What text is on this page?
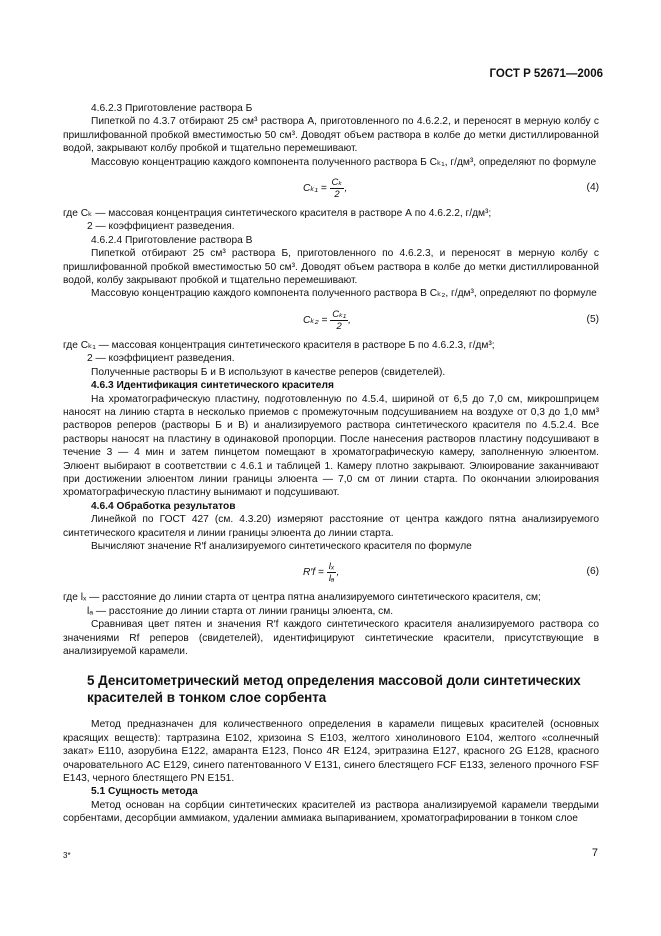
ГОСТ Р 52671—2006

4.6.2.3 Приготовление раствора Б

Пипеткой по 4.3.7 отбирают 25 см³ раствора А, приготовленного по 4.6.2.2, и переносят в мерную колбу с пришлифованной пробкой вместимостью 50 см³. Доводят объем раствора в колбе до метки дистиллированной водой, закрывают колбу пробкой и тщательно перемешивают.

Массовую концентрацию каждого компонента полученного раствора Б Cₖ₁, г/дм³, определяют по формуле

$C_{k1} = \frac{\text{Cₖ}}{2}$ ,	(4)

где Cₖ — массовая концентрация синтетического красителя в растворе А по 4.6.2.2, г/дм³;

2 — коэффициент разведения.

4.6.2.4 Приготовление раствора В

Пипеткой отбирают 25 см³ раствора Б, приготовленного по 4.6.2.3, и переносят в мерную колбу с пришлифованной пробкой вместимостью 50 см³. Доводят объем раствора в колбе до метки дистиллированной водой, колбу закрывают пробкой и тщательно перемешивают.

Массовую концентрацию каждого компонента полученного раствора В Cₖ₂, г/дм³, определяют по формуле

$C_{k2} = \frac{\text{Cₖ₁}}{2}$ ,	(5)

где Cₖ₁ — массовая концентрация синтетического красителя в растворе Б по 4.6.2.3, г/дм³;

2 — коэффициент разведения.

Полученные растворы Б и В используют в качестве реперов (свидетелей).

4.6.3 Идентификация синтетического красителя

На хроматографическую пластину, подготовленную по 4.5.4, шириной от 6,5 до 7,0 см, микрошприцем наносят на линию старта в несколько приемов с промежуточным подсушиванием на воздухе от 0,3 до 1,0 мм³ растворов реперов (растворы Б и В) и анализируемого раствора синтетического красителя по 4.5.2.4. Все растворы наносят на пластину в одинаковой пропорции. После нанесения растворов пластину подсушивают в течение 3 — 4 мин и затем пинцетом помещают в хроматографическую камеру, заполненную элюентом. Элюент выбирают в соответствии с 4.6.1 и таблицей 1. Камеру плотно закрывают. Элюирование заканчивают при достижении элюентом линии границы элюента — 7,0 см от линии старта. По окончании элюирования хроматографическую пластину вынимают и подсушивают.

4.6.4 Обработка результатов

Линейкой по ГОСТ 427 (см. 4.3.20) измеряют расстояние от центра каждого пятна анализируемого синтетического красителя и линии границы элюента до линии старта.

Вычисляют значение R′f анализируемого синтетического красителя по формуле

$R'f = \frac{\text{lₓ}}{\text{lₐ}}$ ,	(6)

где lₓ — расстояние до линии старта от центра пятна анализируемого синтетического красителя, см;

lₐ — расстояние до линии старта от линии границы элюента, см.

Сравнивая цвет пятен и значения R′f каждого синтетического красителя анализируемого раствора со значениями Rf реперов (свидетелей), идентифицируют синтетические красители, присутствующие в анализируемой карамели.

5 Денситометрический метод определения массовой доли синтетических красителей в тонком слое сорбента

Метод предназначен для количественного определения в карамели пищевых красителей (основных красящих веществ): тартразина E102, хризоина S E103, желтого хинолинового E104, желтого «солнечный закат» E110, азорубина E122, амаранта E123, Понсо 4R E124, эритразина E127, красного 2G E128, красного очаровательного AC E129, синего патентованного V E131, синего блестящего FCF E133, зеленого прочного FSF E143, черного блестящего PN E151.

5.1 Сущность метода

Метод основан на сорбции синтетических красителей из раствора анализируемой карамели твердыми сорбентами, десорбции аммиаком, удалении аммиака выпариванием, хроматографировании в тонком слое

3*	7
